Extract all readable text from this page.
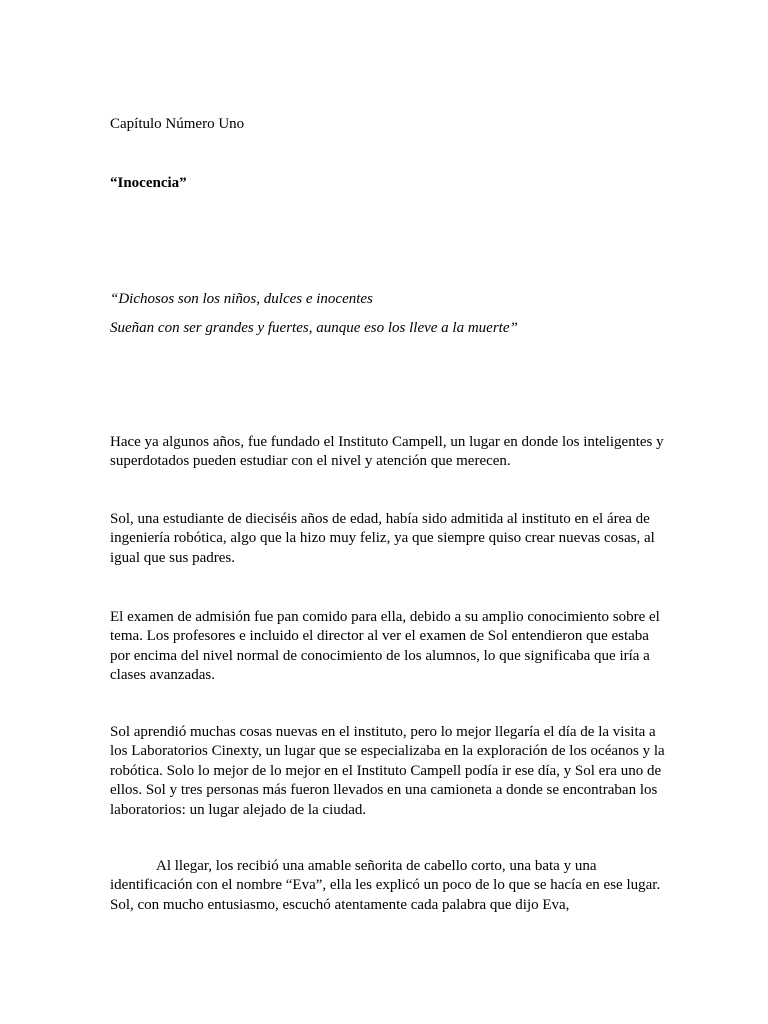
Capítulo Número Uno

“Inocencia”

“Dichosos son los niños, dulces e inocentes

Sueñan con ser grandes y fuertes, aunque eso los lleve a la muerte”

Hace ya algunos años, fue fundado el Instituto Campell, un lugar en donde los inteligentes y superdotados pueden estudiar con el nivel y atención que merecen.

Sol, una estudiante de dieciséis años de edad, había sido admitida al instituto en el área de ingeniería robótica, algo que la hizo muy feliz, ya que siempre quiso crear nuevas cosas, al igual que sus padres.

El examen de admisión fue pan comido para ella, debido a su amplio conocimiento sobre el tema. Los profesores e incluido el director al ver el examen de Sol entendieron que estaba por encima del nivel normal de conocimiento de los alumnos, lo que significaba que iría a clases avanzadas.

Sol aprendió muchas cosas nuevas en el instituto, pero lo mejor llegaría el día de la visita a los Laboratorios Cinexty, un lugar que se especializaba en la exploración de los océanos y la robótica. Solo lo mejor de lo mejor en el Instituto Campell podía ir ese día, y Sol era uno de ellos. Sol y tres personas más fueron llevados en una camioneta a donde se encontraban los laboratorios: un lugar alejado de la ciudad.

Al llegar, los recibió una amable señorita de cabello corto, una bata y una identificación con el nombre “Eva”, ella les explicó un poco de lo que se hacía en ese lugar. Sol, con mucho entusiasmo, escuchó atentamente cada palabra que dijo Eva,
